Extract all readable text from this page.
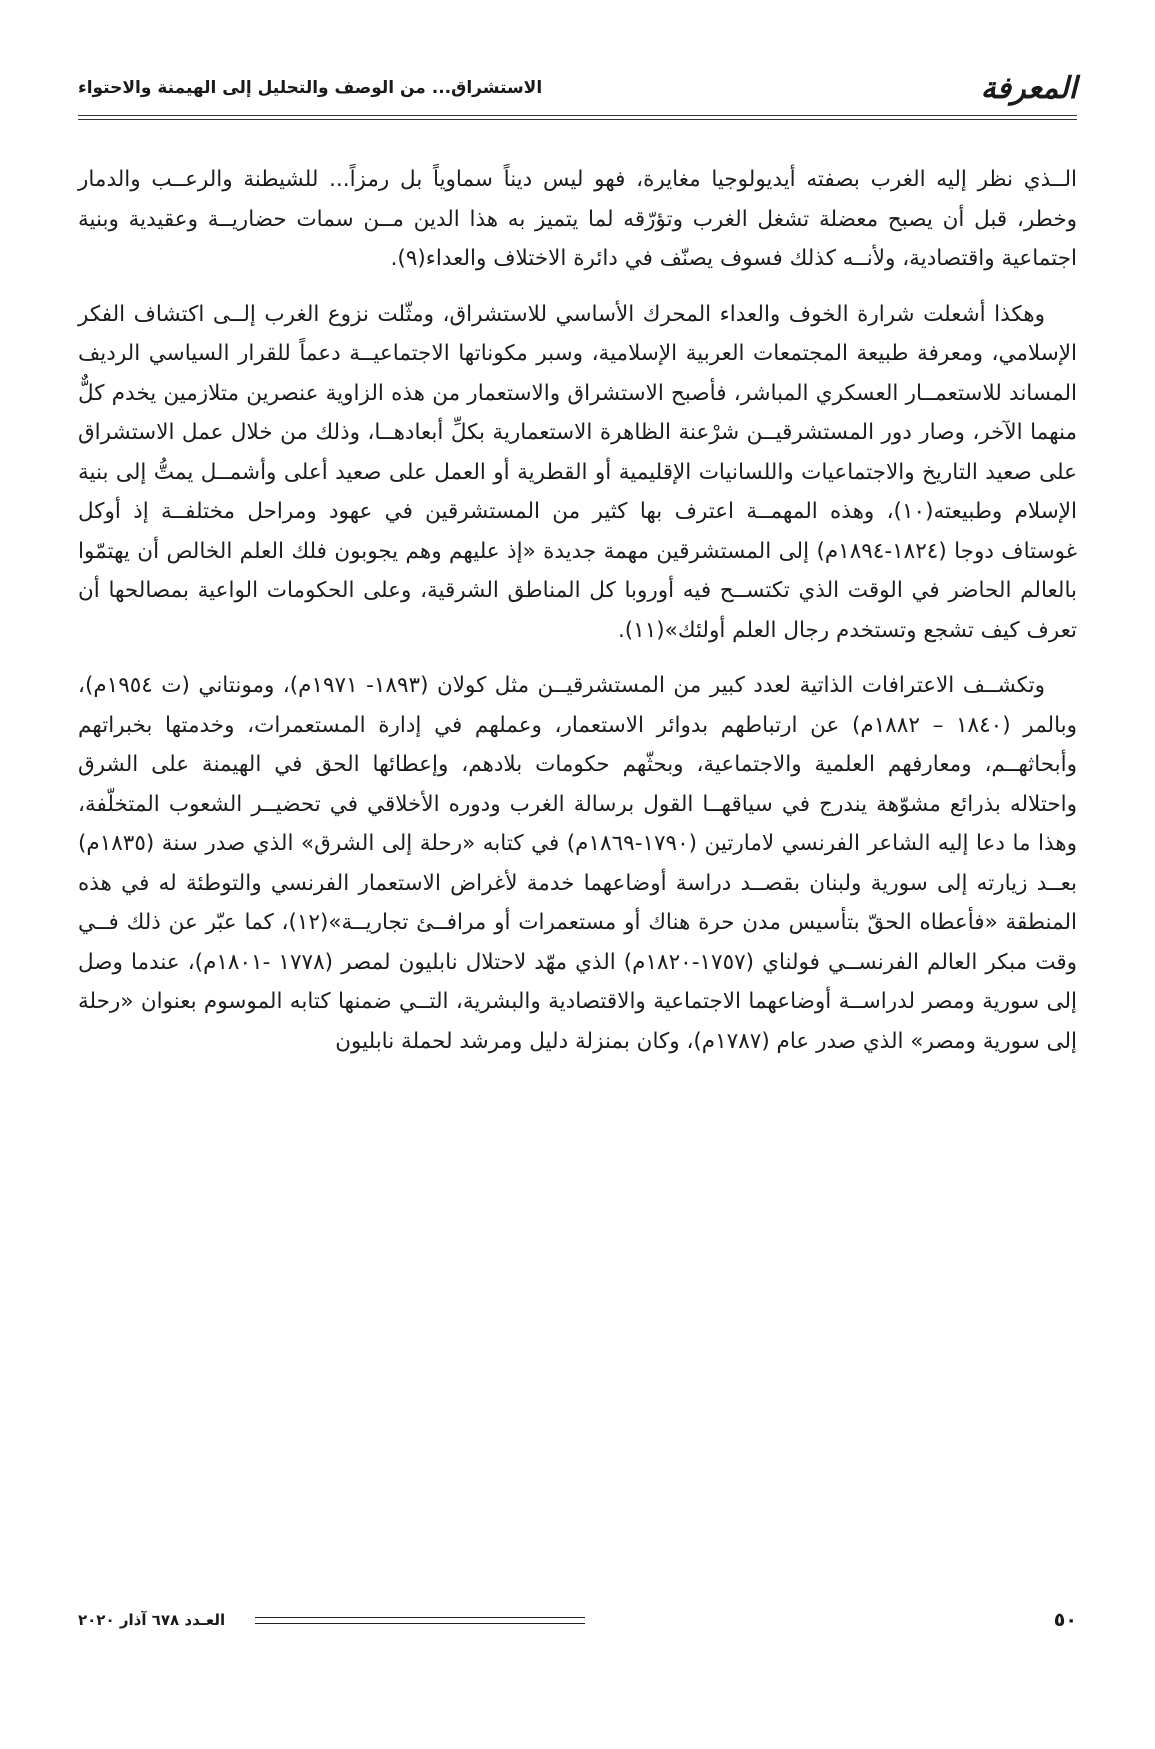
المعرفة
الاستشراق... من الوصف والتحليل إلى الهيمنة والاحتواء

الــذي نظر إليه الغرب بصفته أيديولوجيا مغايرة، فهو ليس ديناً سماوياً بل رمزاً... للشيطنة والرعــب والدمار وخطر، قبل أن يصبح معضلة تشغل الغرب وتؤرّقه لما يتميز به هذا الدين مــن سمات حضاريــة وعقيدية وبنية اجتماعية واقتصادية، ولأنــه كذلك فسوف يصنّف في دائرة الاختلاف والعداء(٩).

وهكذا أشعلت شرارة الخوف والعداء المحرك الأساسي للاستشراق، ومثّلت نزوع الغرب إلــى اكتشاف الفكر الإسلامي، ومعرفة طبيعة المجتمعات العربية الإسلامية، وسبر مكوناتها الاجتماعيــة دعماً للقرار السياسي الرديف المساند للاستعمــار العسكري المباشر، فأصبح الاستشراق والاستعمار من هذه الزاوية عنصرين متلازمين يخدم كلٌّ منهما الآخر، وصار دور المستشرقيــن شرْعنة الظاهرة الاستعمارية بكلِّ أبعادهــا، وذلك من خلال عمل الاستشراق على صعيد التاريخ والاجتماعيات واللسانيات الإقليمية أو القطرية أو العمل على صعيد أعلى وأشمــل يمتُّ إلى بنية الإسلام وطبيعته(١٠)، وهذه المهمــة اعترف بها كثير من المستشرقين في عهود ومراحل مختلفــة إذ أوكل غوستاف دوجا (١٨٢٤-١٨٩٤م) إلى المستشرقين مهمة جديدة «إذ عليهم وهم يجوبون فلك العلم الخالص أن يهتمّوا بالعالم الحاضر في الوقت الذي تكتســح فيه أوروبا كل المناطق الشرقية، وعلى الحكومات الواعية بمصالحها أن تعرف كيف تشجع وتستخدم رجال العلم أولئك»(١١).

وتكشــف الاعترافات الذاتية لعدد كبير من المستشرقيــن مثل كولان (١٨٩٣- ١٩٧١م)، ومونتاني (ت ١٩٥٤م)، وبالمر (١٨٤٠ – ١٨٨٢م) عن ارتباطهم بدوائر الاستعمار، وعملهم في إدارة المستعمرات، وخدمتها بخبراتهم وأبحاثهــم، ومعارفهم العلمية والاجتماعية، وبحثّهم حكومات بلادهم، وإعطائها الحق في الهيمنة على الشرق واحتلاله بذرائع مشوّهة يندرج في سياقهــا القول برسالة الغرب ودوره الأخلاقي في تحضيــر الشعوب المتخلّفة، وهذا ما دعا إليه الشاعر الفرنسي لامارتين (١٧٩٠-١٨٦٩م) في كتابه «رحلة إلى الشرق» الذي صدر سنة (١٨٣٥م) بعــد زيارته إلى سورية ولبنان بقصــد دراسة أوضاعهما خدمة لأغراض الاستعمار الفرنسي والتوطئة له في هذه المنطقة «فأعطاه الحقّ بتأسيس مدن حرة هناك أو مستعمرات أو مرافــئ تجاريــة»(١٢)، كما عبّر عن ذلك فــي وقت مبكر العالم الفرنســي فولناي (١٧٥٧-١٨٢٠م) الذي مهّد لاحتلال نابليون لمصر (١٧٧٨ -١٨٠١م)، عندما وصل إلى سورية ومصر لدراســة أوضاعهما الاجتماعية والاقتصادية والبشرية، التــي ضمنها كتابه الموسوم بعنوان «رحلة إلى سورية ومصر» الذي صدر عام (١٧٨٧م)، وكان بمنزلة دليل ومرشد لحملة نابليون

٥٠
العـدد ٦٧٨ آذار ٢٠٢٠
